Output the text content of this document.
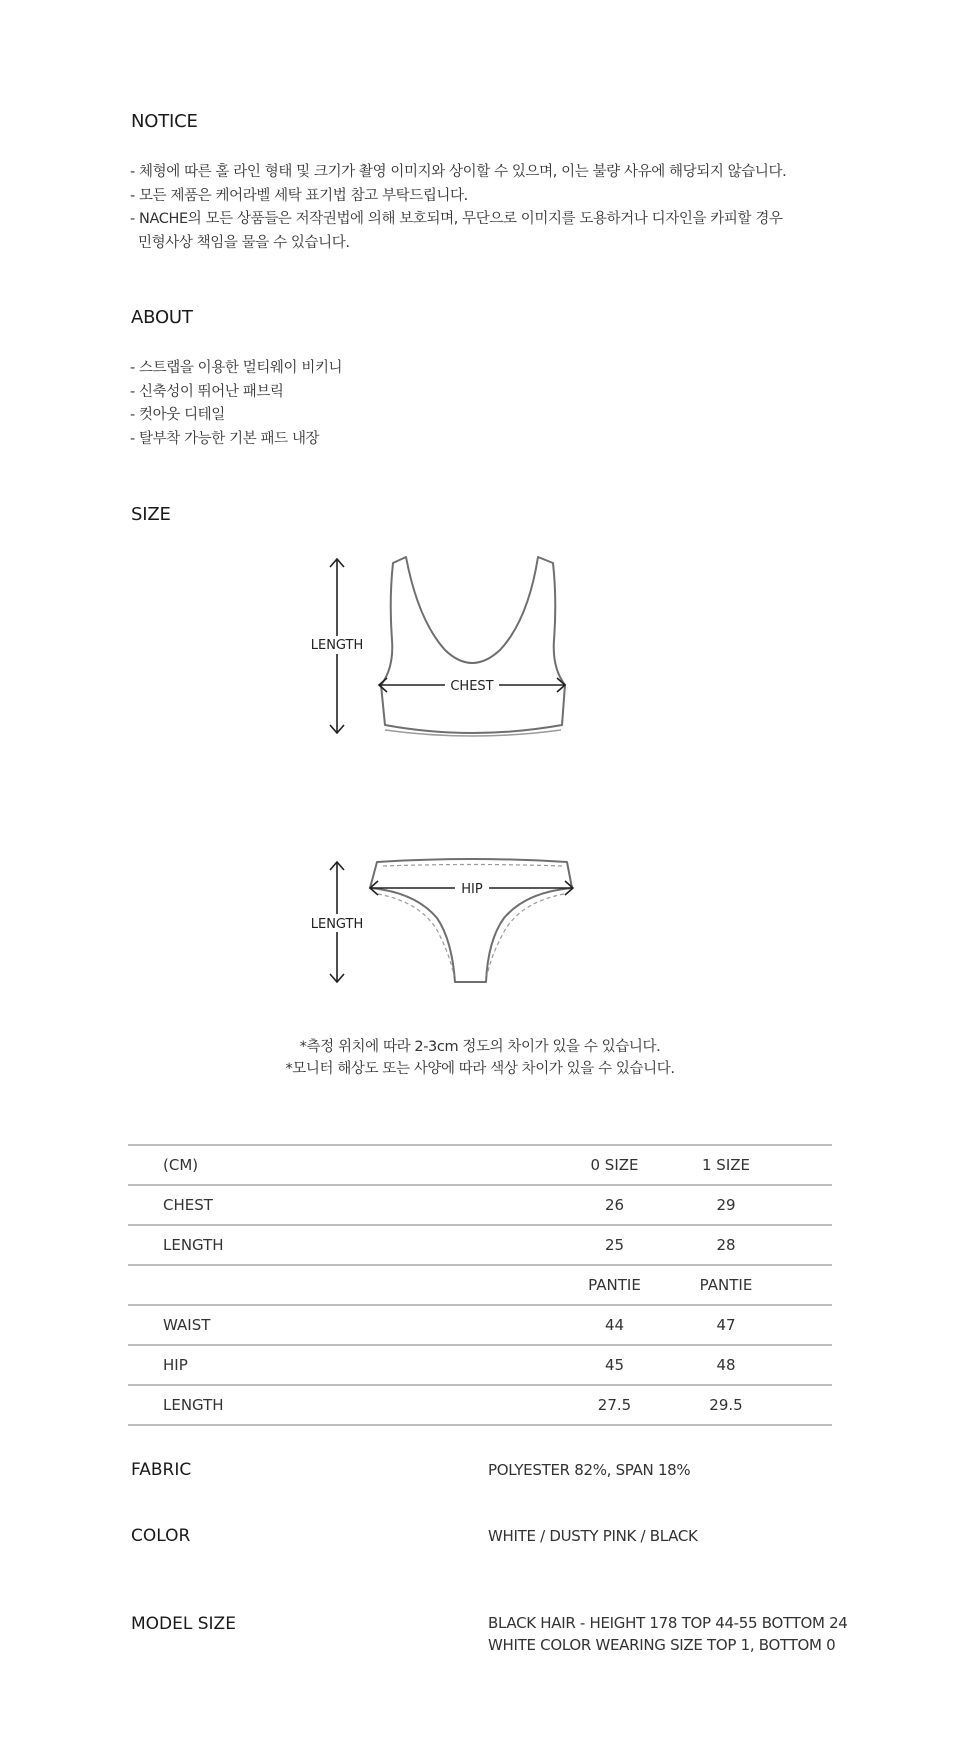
NOTICE
- 체형에 따른 홀 라인 형태 및 크기가 촬영 이미지와 상이할 수 있으며, 이는 불량 사유에 해당되지 않습니다.
- 모든 제품은 케어라벨 세탁 표기법 참고 부탁드립니다.
- NACHE의 모든 상품들은 저작권법에 의해 보호되며, 무단으로 이미지를 도용하거나 디자인을 카피할 경우
민형사상 책임을 물을 수 있습니다.
ABOUT
- 스트랩을 이용한 멀티웨이 비키니
- 신축성이 뛰어난 패브릭
- 컷아웃 디테일
- 탈부착 가능한 기본 패드 내장
SIZE
LENGTH
CHEST
LENGTH
HIP
*측정 위치에 따라 2-3cm 정도의 차이가 있을 수 있습니다.
*모니터 해상도 또는 사양에 따라 색상 차이가 있을 수 있습니다.
(CM)	0 SIZE	1 SIZE	
CHEST	26	29	
LENGTH	25	28	
	PANTIE	PANTIE	
WAIST	44	47	
HIP	45	48	
LENGTH	27.5	29.5	
FABRIC	POLYESTER 82%, SPAN 18%
COLOR	WHITE / DUSTY PINK / BLACK
MODEL SIZE	BLACK HAIR - HEIGHT 178 TOP 44-55 BOTTOM 24
WHITE COLOR WEARING SIZE TOP 1, BOTTOM 0
